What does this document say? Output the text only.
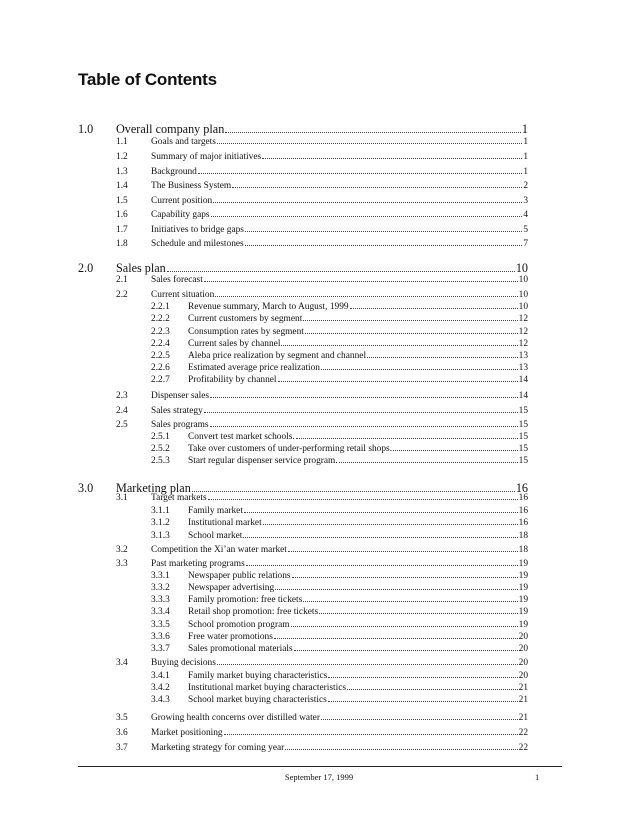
Table of Contents
1.0	Overall company plan	1
1.1	Goals and targets	1
1.2	Summary of major initiatives	1
1.3	Background	1
1.4	The Business System	2
1.5	Current position	3
1.6	Capability gaps	4
1.7	Initiatives to bridge gaps	5
1.8	Schedule and milestones	7
2.0	Sales plan	10
2.1	Sales forecast	10
2.2	Current situation	10
2.2.1	Revenue summary, March to August, 1999	10
2.2.2	Current customers by segment	12
2.2.3	Consumption rates by segment	12
2.2.4	Current sales by channel	12
2.2.5	Aleba price realization by segment and channel	13
2.2.6	Estimated average price realization	13
2.2.7	Profitability by channel	14
2.3	Dispenser sales	14
2.4	Sales strategy	15
2.5	Sales programs	15
2.5.1	Convert test market schools.	15
2.5.2	Take over customers of under-performing retail shops.	15
2.5.3	Start regular dispenser service program.	15
3.0	Marketing plan	16
3.1	Target markets	16
3.1.1	Family market	16
3.1.2	Institutional market	16
3.1.3	School market	18
3.2	Competition the Xi’an water market	18
3.3	Past marketing programs	19
3.3.1	Newspaper public relations	19
3.3.2	Newspaper advertising	19
3.3.3	Family promotion: free tickets	19
3.3.4	Retail shop promotion: free tickets	19
3.3.5	School promotion program	19
3.3.6	Free water promotions	20
3.3.7	Sales promotional materials	20
3.4	Buying decisions	20
3.4.1	Family market buying characteristics	20
3.4.2	Institutional market buying characteristics	21
3.4.3	School market buying characteristics	21
3.5	Growing health concerns over distilled water	21
3.6	Market positioning	22
3.7	Marketing strategy for coming year	22
September 17, 1999	1
